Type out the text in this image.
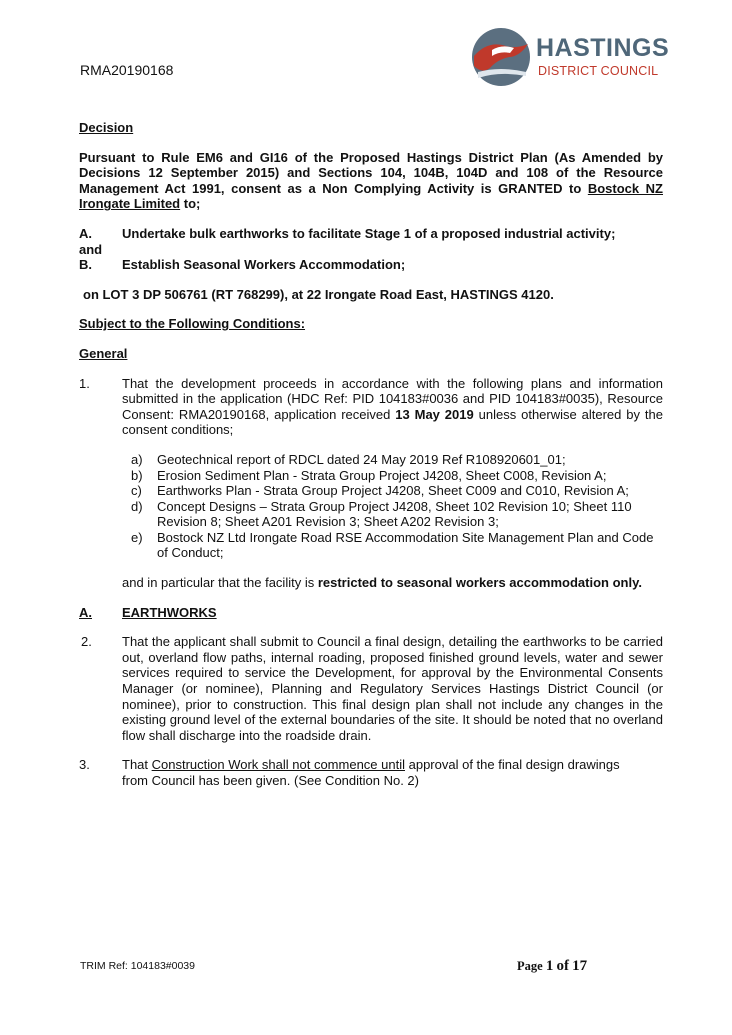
RMA20190168
HASTINGS
DISTRICT COUNCIL

Decision

Pursuant to Rule EM6 and GI16 of the Proposed Hastings District Plan (As Amended by Decisions 12 September 2015) and Sections 104, 104B, 104D and 108 of the Resource Management Act 1991, consent as a Non Complying Activity is GRANTED to Bostock NZ Irongate Limited to;

A.	Undertake bulk earthworks to facilitate Stage 1 of a proposed industrial activity;
and
B.	Establish Seasonal Workers Accommodation;

on LOT 3 DP 506761 (RT 768299), at 22 Irongate Road East, HASTINGS 4120.

Subject to the Following Conditions:

General

1.	That the development proceeds in accordance with the following plans and information submitted in the application (HDC Ref: PID 104183#0036 and PID 104183#0035), Resource Consent: RMA20190168, application received 13 May 2019 unless otherwise altered by the consent conditions;
a)	Geotechnical report of RDCL dated 24 May 2019 Ref R108920601_01;
b)	Erosion Sediment Plan - Strata Group Project J4208, Sheet C008, Revision A;
c)	Earthworks Plan - Strata Group Project J4208, Sheet C009 and C010, Revision A;
d)	Concept Designs – Strata Group Project J4208, Sheet 102 Revision 10; Sheet 110 Revision 8; Sheet A201 Revision 3; Sheet A202 Revision 3;
e)	Bostock NZ Ltd Irongate Road RSE Accommodation Site Management Plan and Code of Conduct;

and in particular that the facility is restricted to seasonal workers accommodation only.

A.	EARTHWORKS
2.	That the applicant shall submit to Council a final design, detailing the earthworks to be carried out, overland flow paths, internal roading, proposed finished ground levels, water and sewer services required to service the Development, for approval by the Environmental Consents Manager (or nominee), Planning and Regulatory Services Hastings District Council (or nominee), prior to construction. This final design plan shall not include any changes in the existing ground level of the external boundaries of the site. It should be noted that no overland flow shall discharge into the roadside drain.
3.	That Construction Work shall not commence until approval of the final design drawings from Council has been given. (See Condition No. 2)
TRIM Ref: 104183#0039	Page 1 of 17
